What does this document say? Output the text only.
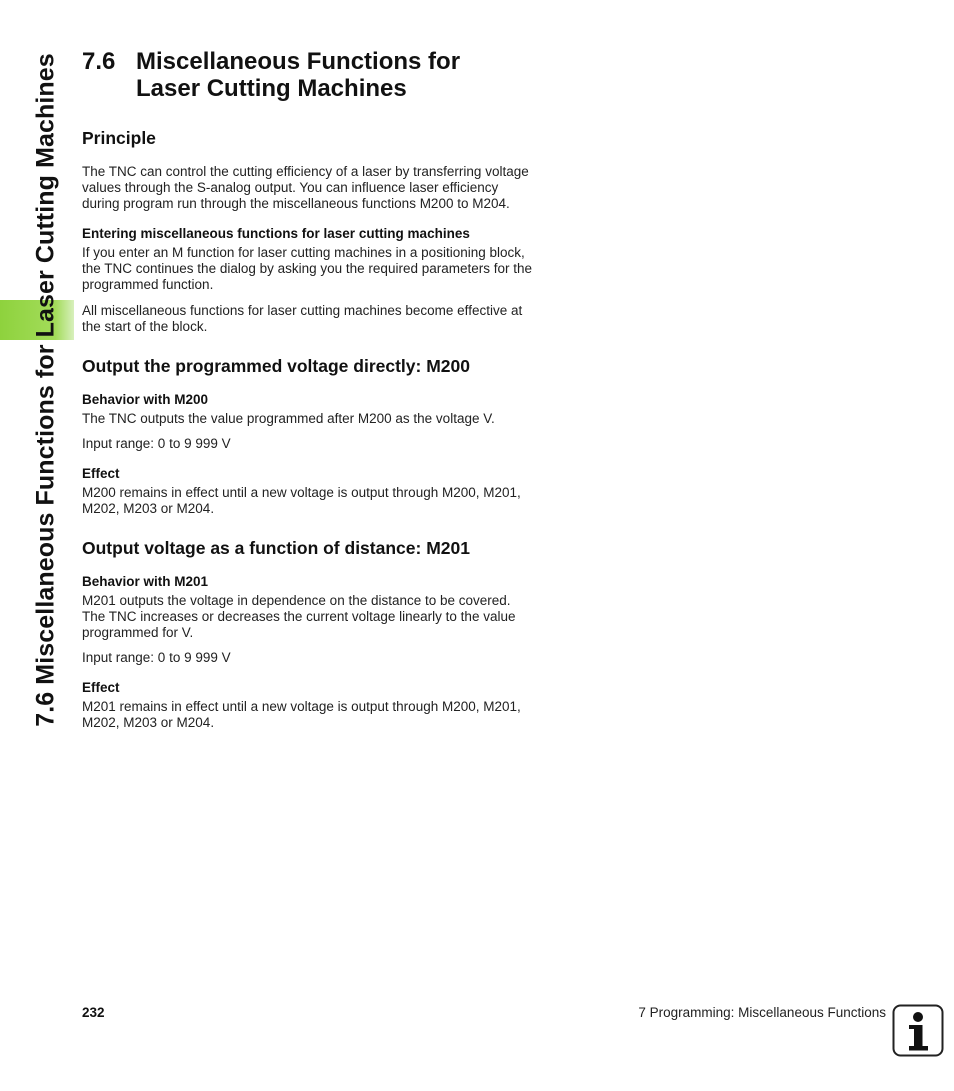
7.6 Miscellaneous Functions for Laser Cutting Machines 7.6 Miscellaneous Functions for
Laser Cutting Machines
Principle

The TNC can control the cutting efficiency of a laser by transferring voltage values through the S-analog output. You can influence laser efficiency during program run through the miscellaneous functions M200 to M204.

Entering miscellaneous functions for laser cutting machines

If you enter an M function for laser cutting machines in a positioning block, the TNC continues the dialog by asking you the required parameters for the programmed function.

All miscellaneous functions for laser cutting machines become effective at the start of the block.

Output the programmed voltage directly: M200
Behavior with M200

The TNC outputs the value programmed after M200 as the voltage V.

Input range: 0 to 9 999 V

Effect

M200 remains in effect until a new voltage is output through M200, M201, M202, M203 or M204.

Output voltage as a function of distance: M201
Behavior with M201

M201 outputs the voltage in dependence on the distance to be covered. The TNC increases or decreases the current voltage linearly to the value programmed for V.

Input range: 0 to 9 999 V

Effect

M201 remains in effect until a new voltage is output through M200, M201, M202, M203 or M204.

232	7 Programming: Miscellaneous Functions
